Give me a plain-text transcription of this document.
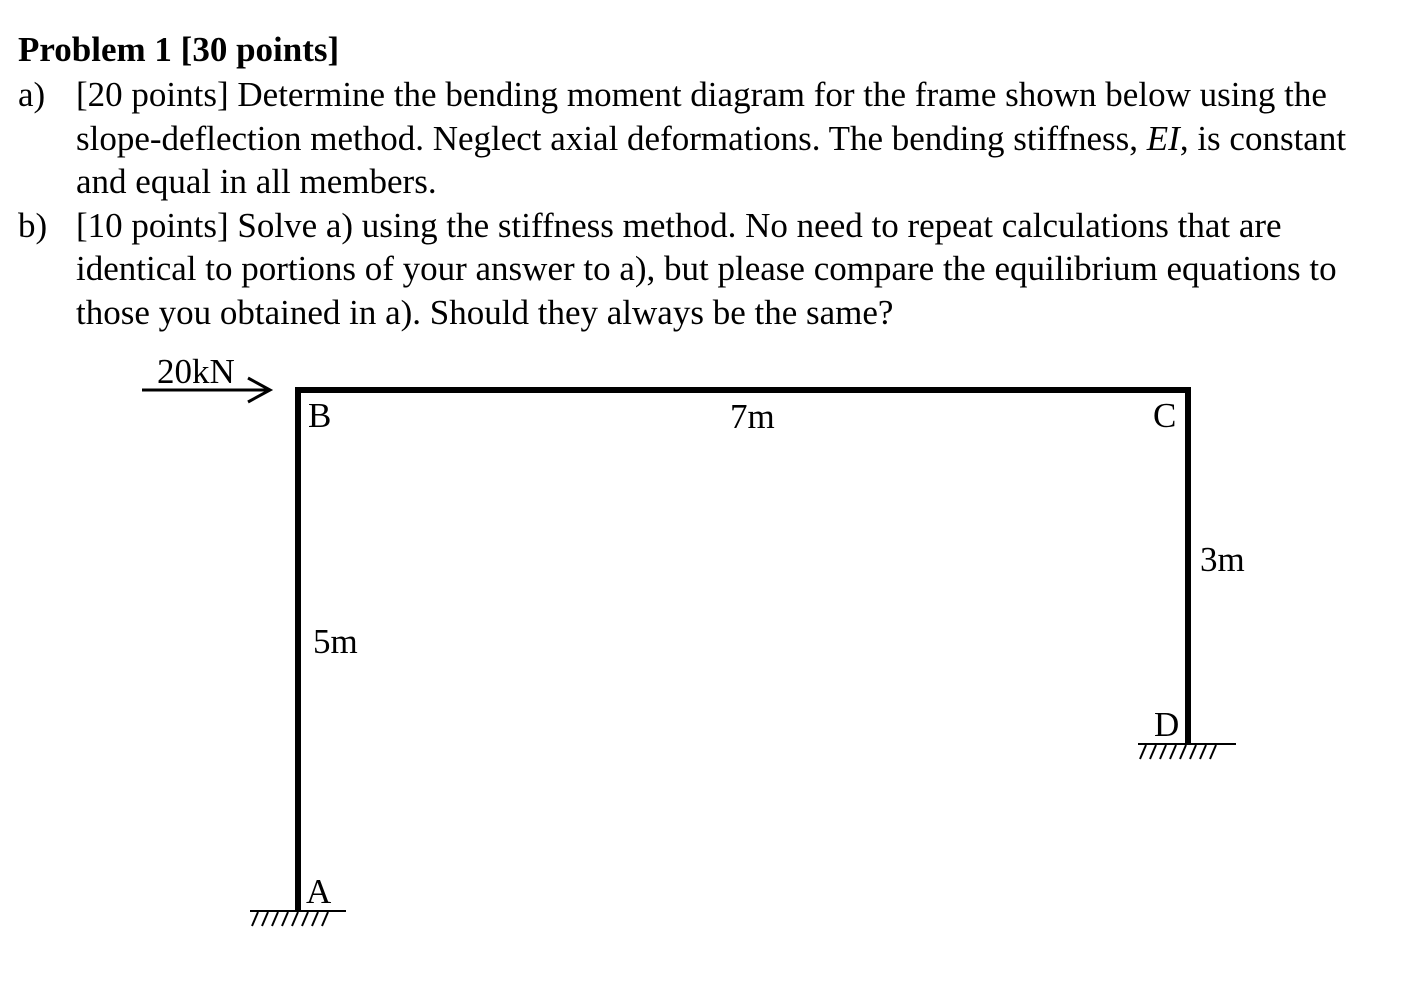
Problem 1 [30 points]
a) [20 points] Determine the bending moment diagram for the frame shown below using the slope-deflection method. Neglect axial deformations. The bending stiffness, EI, is constant and equal in all members.
b) [10 points] Solve a) using the stiffness method. No need to repeat calculations that are identical to portions of your answer to a), but please compare the equilibrium equations to those you obtained in a). Should they always be the same?
20kN
B	C
D
A
7m
5m
3m
